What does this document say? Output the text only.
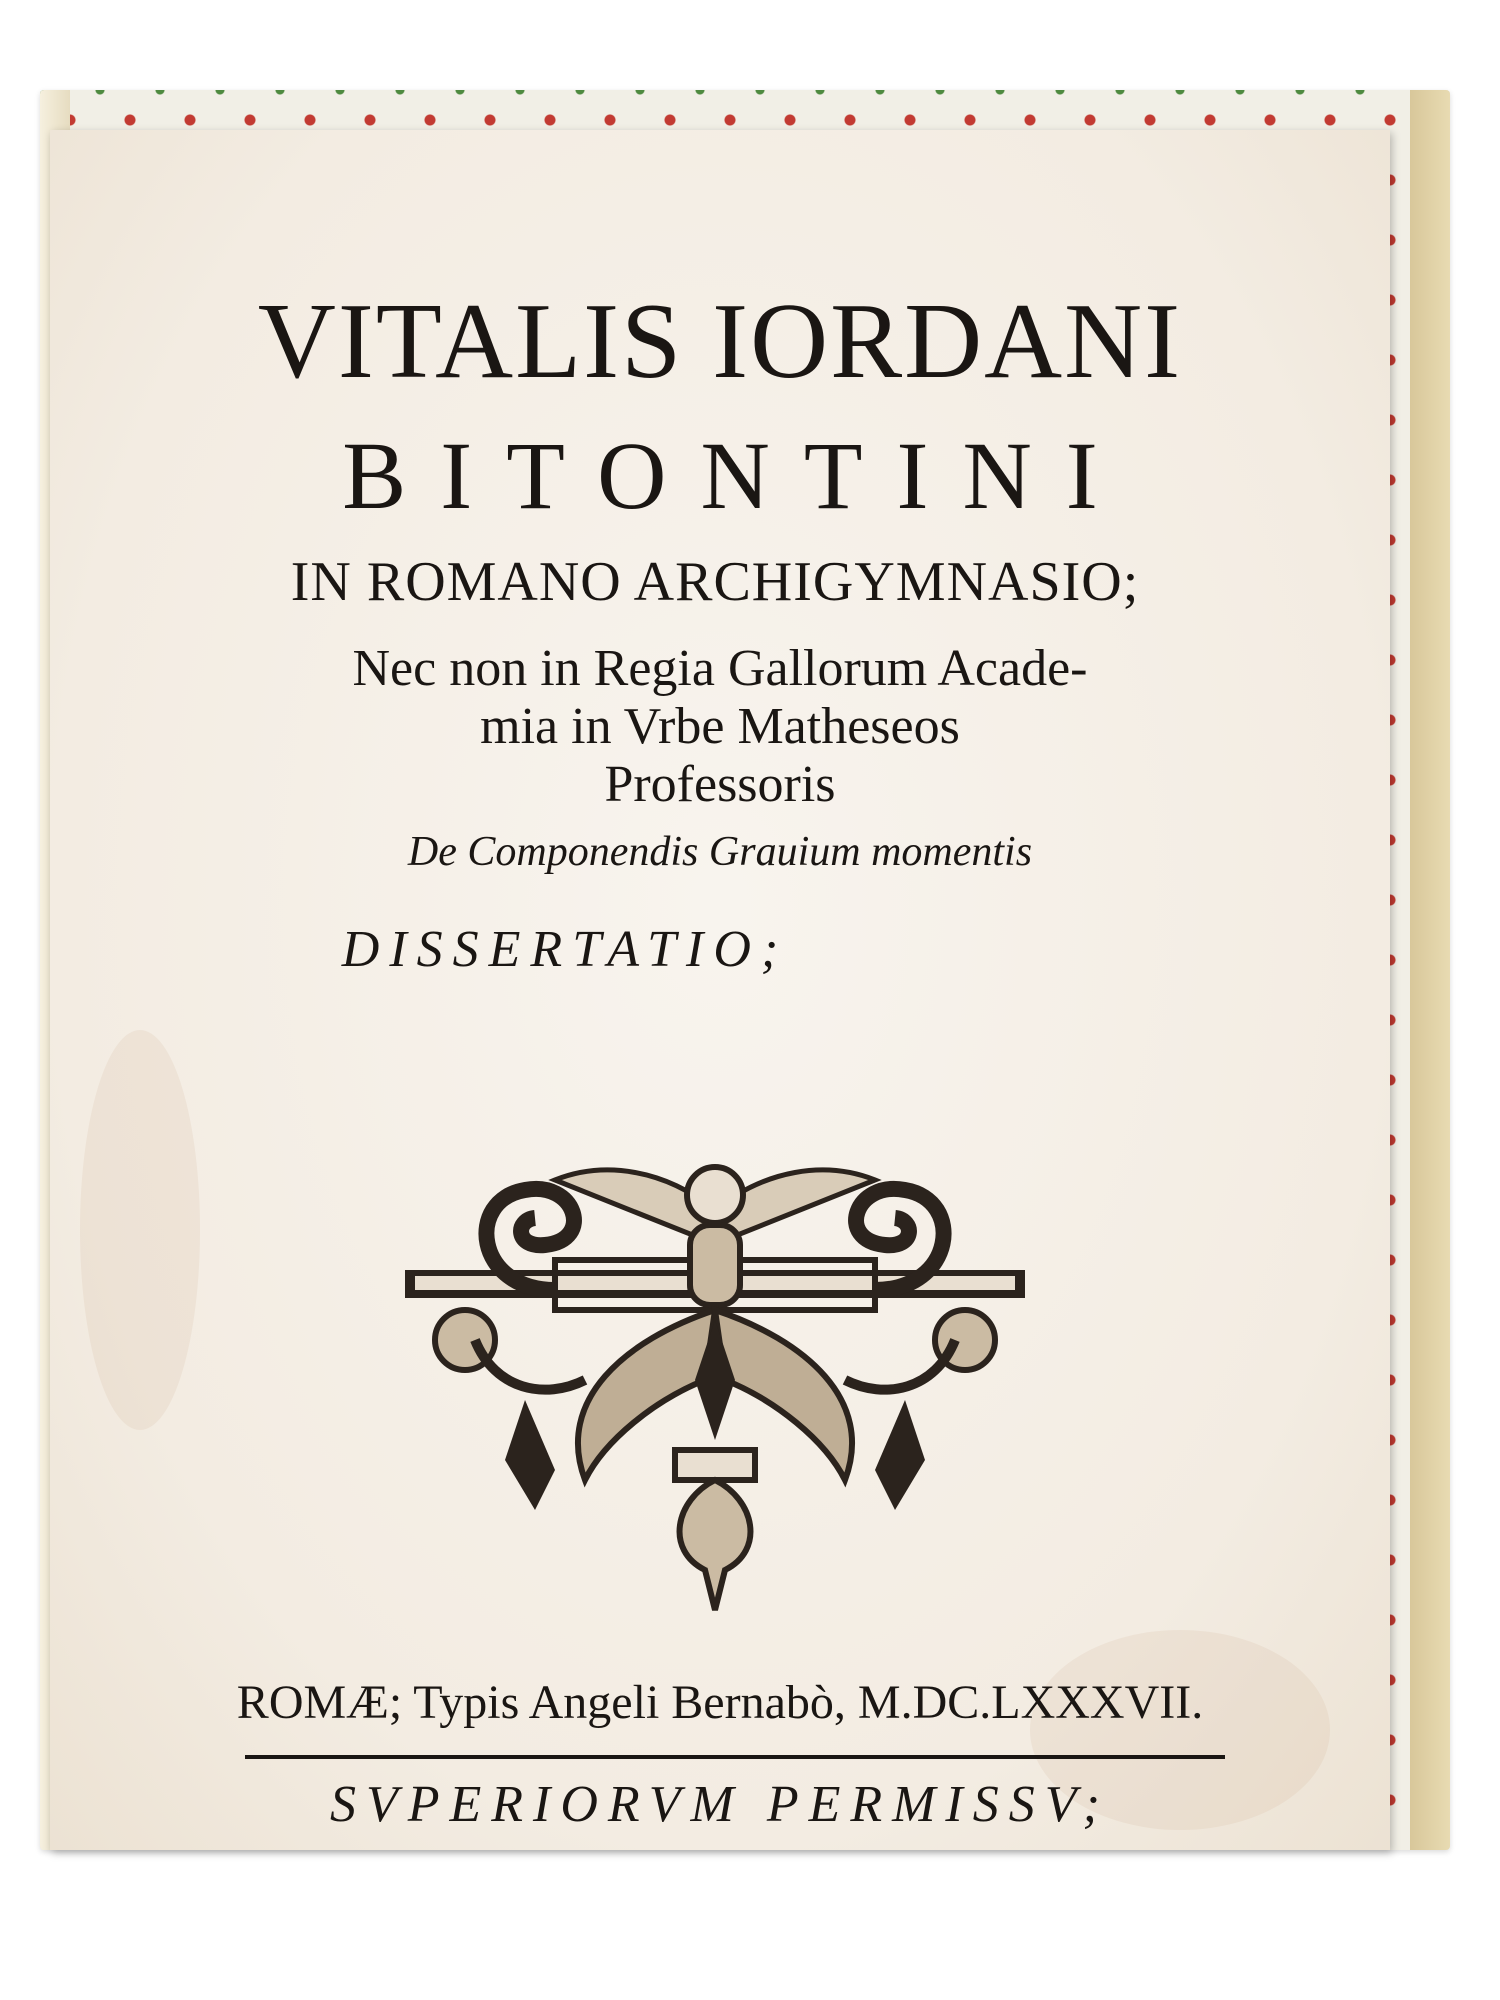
VITALIS IORDANI
BITONTINI
IN ROMANO ARCHIGYMNASIO;
Nec non in Regia Gallorum Acade-
mia in Vrbe Matheseos
Professoris
De Componendis Grauium momentis
DISSERTATIO;
ROMÆ; Typis Angeli Bernabò, M.DC.LXXXVII.
SVPERIORVM PERMISSV;
